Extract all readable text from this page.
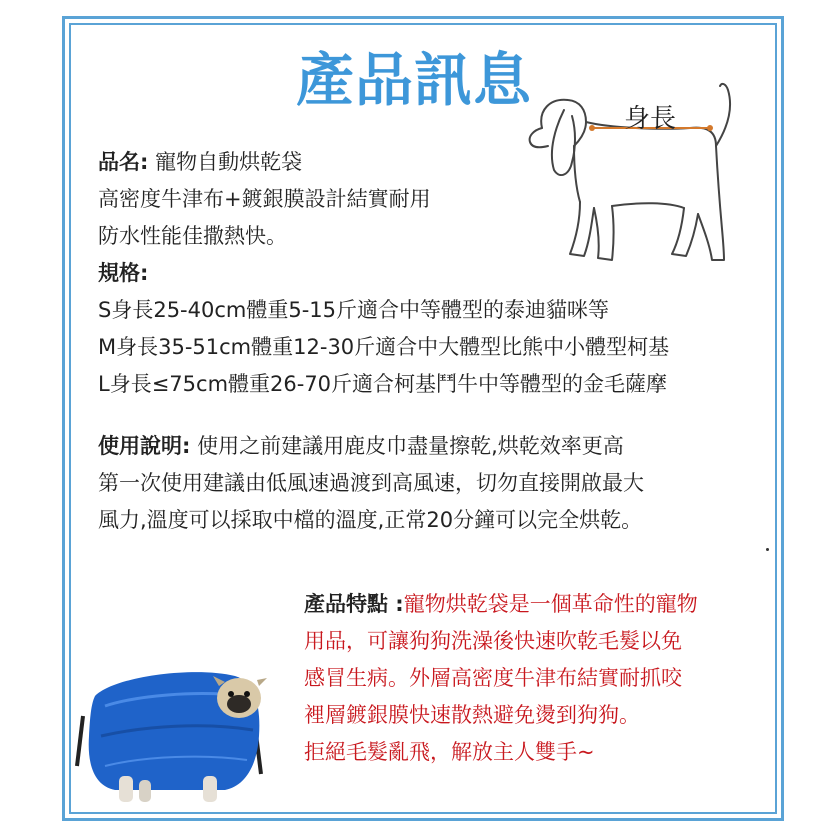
產品訊息
身長
品名: 寵物自動烘乾袋
高密度牛津布+鍍銀膜設計結實耐用
防水性能佳撒熱快。
規格:
S身長25-40cm體重5-15斤適合中等體型的泰迪貓咪等
M身長35-51cm體重12-30斤適合中大體型比熊中小體型柯基
L身長≤75cm體重26-70斤適合柯基鬥牛中等體型的金毛薩摩
使用說明: 使用之前建議用鹿皮巾盡量擦乾,烘乾效率更高
第一次使用建議由低風速過渡到高風速，切勿直接開啟最大
風力,溫度可以採取中檔的溫度,正常20分鐘可以完全烘乾。
產品特點 :寵物烘乾袋是一個革命性的寵物
用品，可讓狗狗洗澡後快速吹乾毛髮以免
感冒生病。外層高密度牛津布結實耐抓咬
裡層鍍銀膜快速散熱避免燙到狗狗。
拒絕毛髮亂飛，解放主人雙手~
